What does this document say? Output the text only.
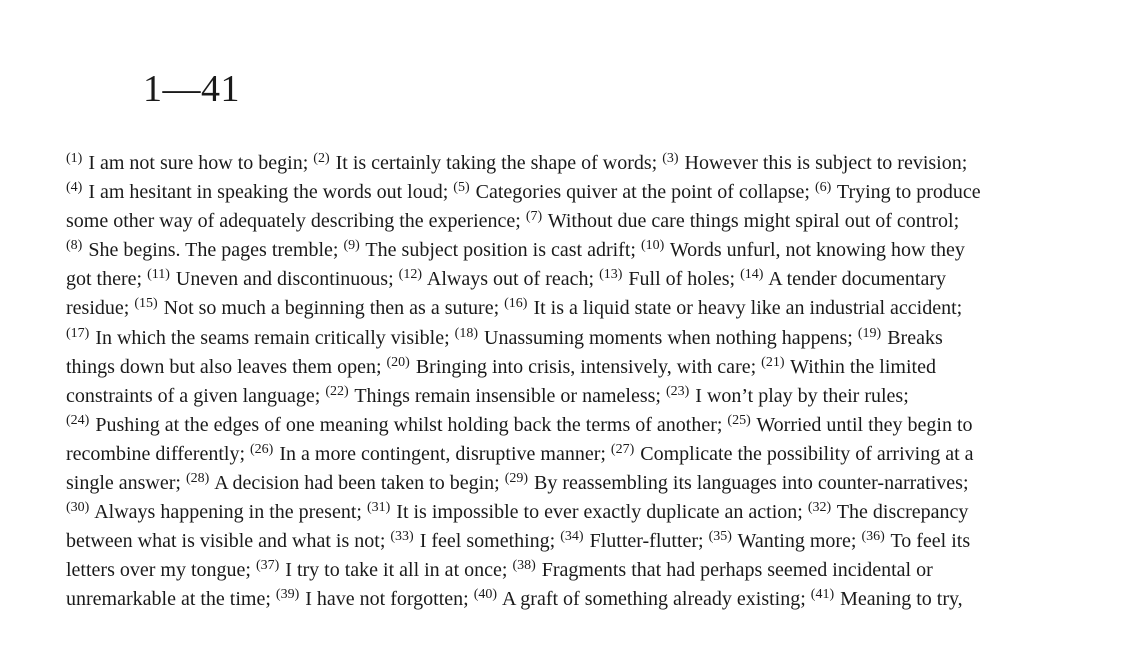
1—41
$^{(1)}$ I am not sure how to begin; $^{(2)}$ It is certainly taking the shape of words; $^{(3)}$ However this is subject to revision;
$^{(4)}$ I am hesitant in speaking the words out loud; $^{(5)}$ Categories quiver at the point of collapse; $^{(6)}$ Trying to produce
some other way of adequately describing the experience; $^{(7)}$ Without due care things might spiral out of control;
$^{(8)}$ She begins. The pages tremble; $^{(9)}$ The subject position is cast adrift; $^{(10)}$ Words unfurl, not knowing how they
got there; $^{(11)}$ Uneven and discontinuous; $^{(12)}$ Always out of reach; $^{(13)}$ Full of holes; $^{(14)}$ A tender documentary
residue; $^{(15)}$ Not so much a beginning then as a suture; $^{(16)}$ It is a liquid state or heavy like an industrial accident;
$^{(17)}$ In which the seams remain critically visible; $^{(18)}$ Unassuming moments when nothing happens; $^{(19)}$ Breaks
things down but also leaves them open; $^{(20)}$ Bringing into crisis, intensively, with care; $^{(21)}$ Within the limited
constraints of a given language; $^{(22)}$ Things remain insensible or nameless; $^{(23)}$ I won’t play by their rules;
$^{(24)}$ Pushing at the edges of one meaning whilst holding back the terms of another; $^{(25)}$ Worried until they begin to
recombine differently; $^{(26)}$ In a more contingent, disruptive manner; $^{(27)}$ Complicate the possibility of arriving at a
single answer; $^{(28)}$ A decision had been taken to begin; $^{(29)}$ By reassembling its languages into counter-narratives;
$^{(30)}$ Always happening in the present; $^{(31)}$ It is impossible to ever exactly duplicate an action; $^{(32)}$ The discrepancy
between what is visible and what is not; $^{(33)}$ I feel something; $^{(34)}$ Flutter-flutter; $^{(35)}$ Wanting more; $^{(36)}$ To feel its
letters over my tongue; $^{(37)}$ I try to take it all in at once; $^{(38)}$ Fragments that had perhaps seemed incidental or
unremarkable at the time; $^{(39)}$ I have not forgotten; $^{(40)}$ A graft of something already existing; $^{(41)}$ Meaning to try,
